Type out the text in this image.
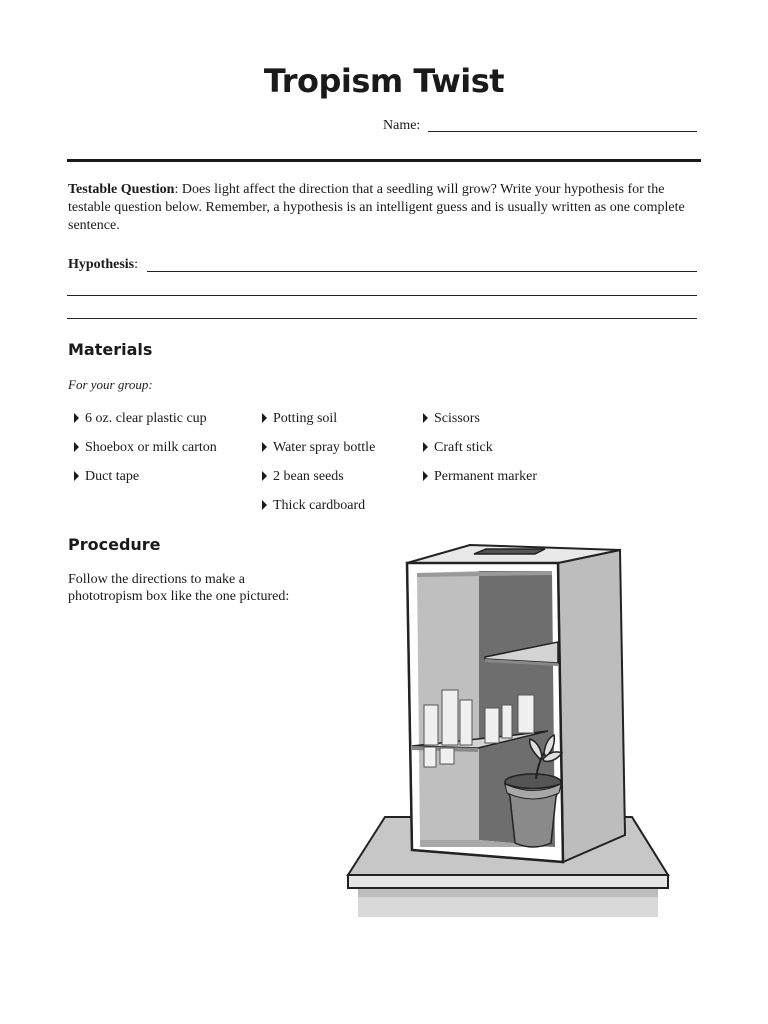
Tropism Twist
Name:
Testable Question: Does light affect the direction that a seedling will grow? Write your hypothesis for the testable question below. Remember, a hypothesis is an intelligent guess and is usually written as one complete sentence.
Hypothesis:
Materials
For your group:
6 oz. clear plastic cup
Shoebox or milk carton
Duct tape
Potting soil
Water spray bottle
2 bean seeds
Thick cardboard
Scissors
Craft stick
Permanent marker
Procedure
Follow the directions to make a phototropism box like the one pictured:
